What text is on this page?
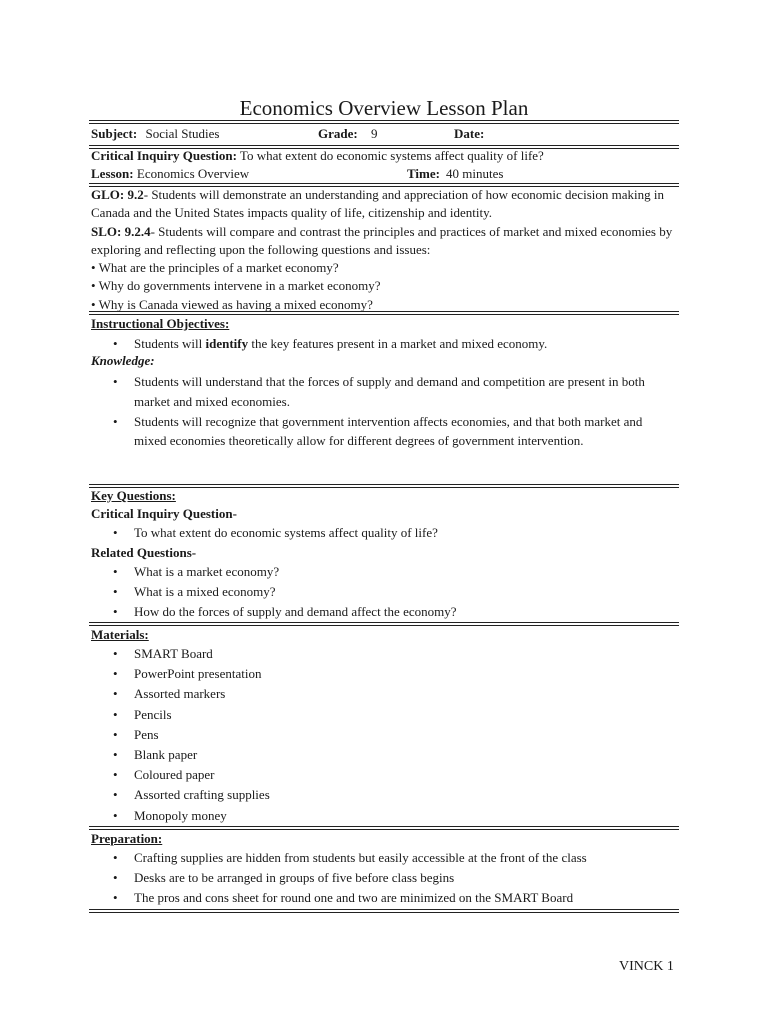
Economics Overview Lesson Plan
Subject: Social Studies	Grade: 9	Date:
Critical Inquiry Question: To what extent do economic systems affect quality of life?
Lesson: Economics Overview	Time: 40 minutes

GLO: 9.2- Students will demonstrate an understanding and appreciation of how economic decision making in Canada and the United States impacts quality of life, citizenship and identity.

SLO: 9.2.4- Students will compare and contrast the principles and practices of market and mixed economies by exploring and reflecting upon the following questions and issues:

• What are the principles of a market economy?

• Why do governments intervene in a market economy?

• Why is Canada viewed as having a mixed economy?

Instructional Objectives:

• Students will identify the key features present in a market and mixed economy.

Knowledge:

• Students will understand that the forces of supply and demand and competition are present in both market and mixed economies.
• Students will recognize that government intervention affects economies, and that both market and mixed economies theoretically allow for different degrees of government intervention.

Key Questions:

Critical Inquiry Question-

• To what extent do economic systems affect quality of life?

Related Questions-

• What is a market economy?
• What is a mixed economy?
• How do the forces of supply and demand affect the economy?

Materials:

• SMART Board
• PowerPoint presentation
• Assorted markers
• Pencils
• Pens
• Blank paper
• Coloured paper
• Assorted crafting supplies
• Monopoly money

Preparation:

• Crafting supplies are hidden from students but easily accessible at the front of the class
• Desks are to be arranged in groups of five before class begins
• The pros and cons sheet for round one and two are minimized on the SMART Board
VINCK 1
